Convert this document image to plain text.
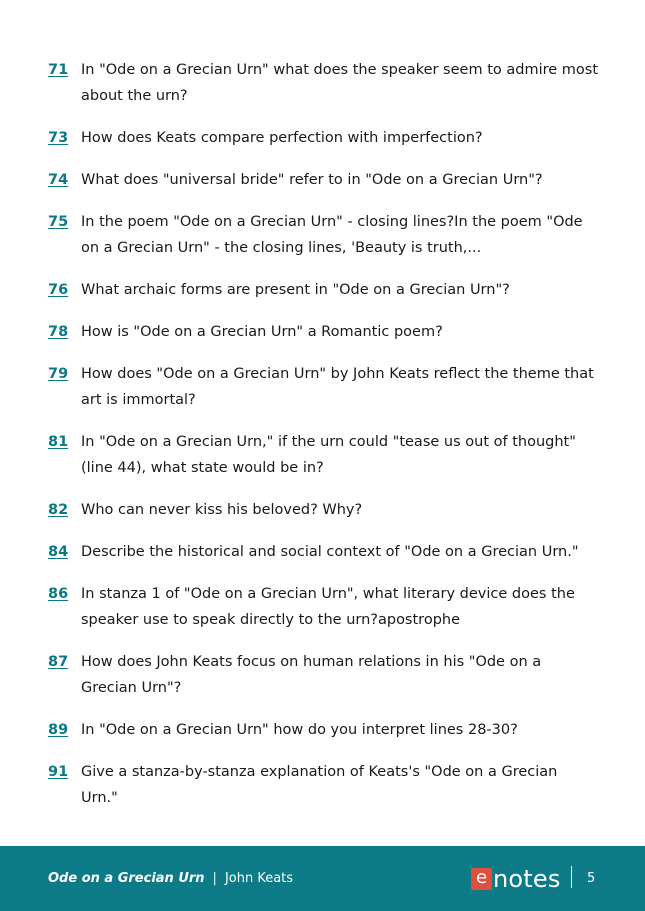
71 In "Ode on a Grecian Urn" what does the speaker seem to admire most about the urn?
73 How does Keats compare perfection with imperfection?
74 What does "universal bride" refer to in "Ode on a Grecian Urn"?
75 In the poem "Ode on a Grecian Urn" - closing lines?In the poem "Ode on a Grecian Urn" - the closing lines, 'Beauty is truth,...
76 What archaic forms are present in "Ode on a Grecian Urn"?
78 How is "Ode on a Grecian Urn" a Romantic poem?
79 How does "Ode on a Grecian Urn" by John Keats reflect the theme that art is immortal?
81 In "Ode on a Grecian Urn," if the urn could "tease us out of thought" (line 44), what state would be in?
82 Who can never kiss his beloved? Why?
84 Describe the historical and social context of "Ode on a Grecian Urn."
86 In stanza 1 of "Ode on a Grecian Urn", what literary device does the speaker use to speak directly to the urn?apostrophe
87 How does John Keats focus on human relations in his "Ode on a Grecian Urn"?
89 In "Ode on a Grecian Urn" how do you interpret lines 28-30?
91 Give a stanza-by-stanza explanation of Keats's "Ode on a Grecian Urn."
Ode on a Grecian Urn | John Keats	e notes 5
